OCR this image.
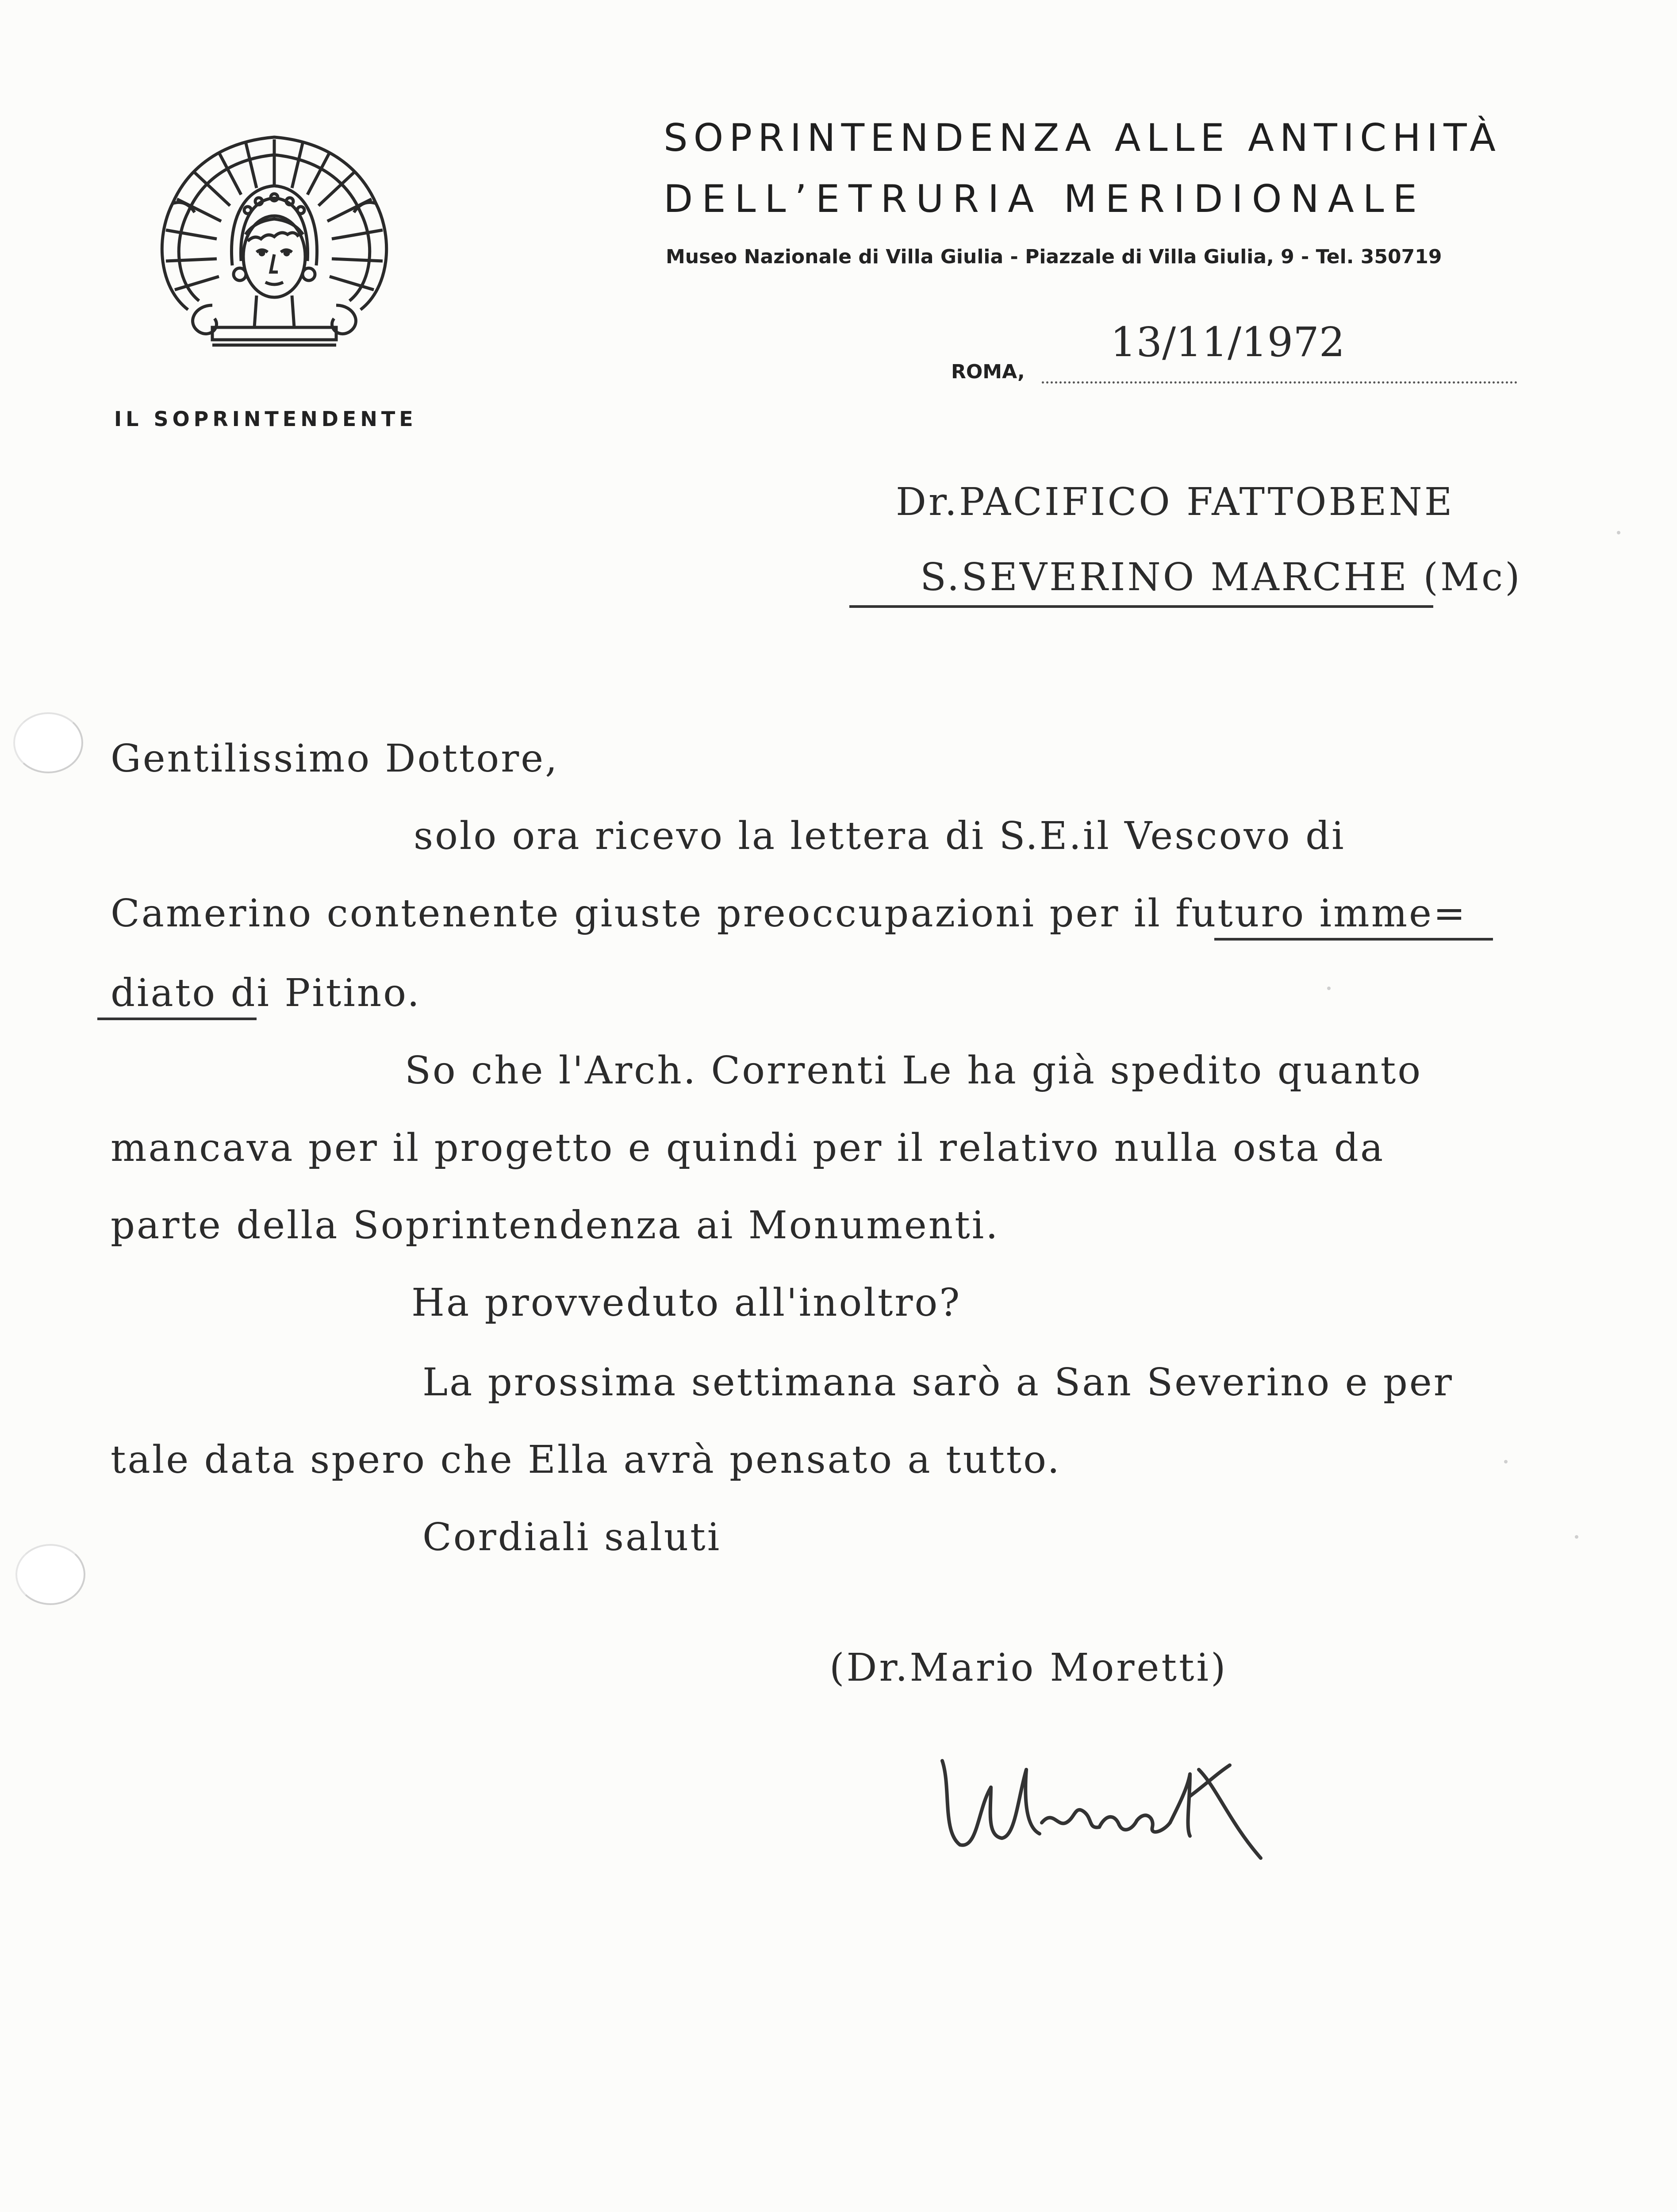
IL SOPRINTENDENTE
SOPRINTENDENZA ALLE ANTICHITÀ
DELL’ETRURIA MERIDIONALE
Museo Nazionale di Villa Giulia - Piazzale di Villa Giulia, 9 - Tel. 350719
ROMA,
13/11/1972
Dr.PACIFICO FATTOBENE
S.SEVERINO MARCHE (Mc)
Gentilissimo Dottore,
solo ora ricevo la lettera di S.E.il Vescovo di
Camerino contenente giuste preoccupazioni per il futuro imme=
diato di Pitino.
So che l'Arch. Correnti Le ha già spedito quanto
mancava per il progetto e quindi per il relativo nulla osta da
parte della Soprintendenza ai Monumenti.
Ha provveduto all'inoltro?
La prossima settimana sarò a San Severino e per
tale data spero che Ella avrà pensato a tutto.
Cordiali saluti
(Dr.Mario Moretti)
